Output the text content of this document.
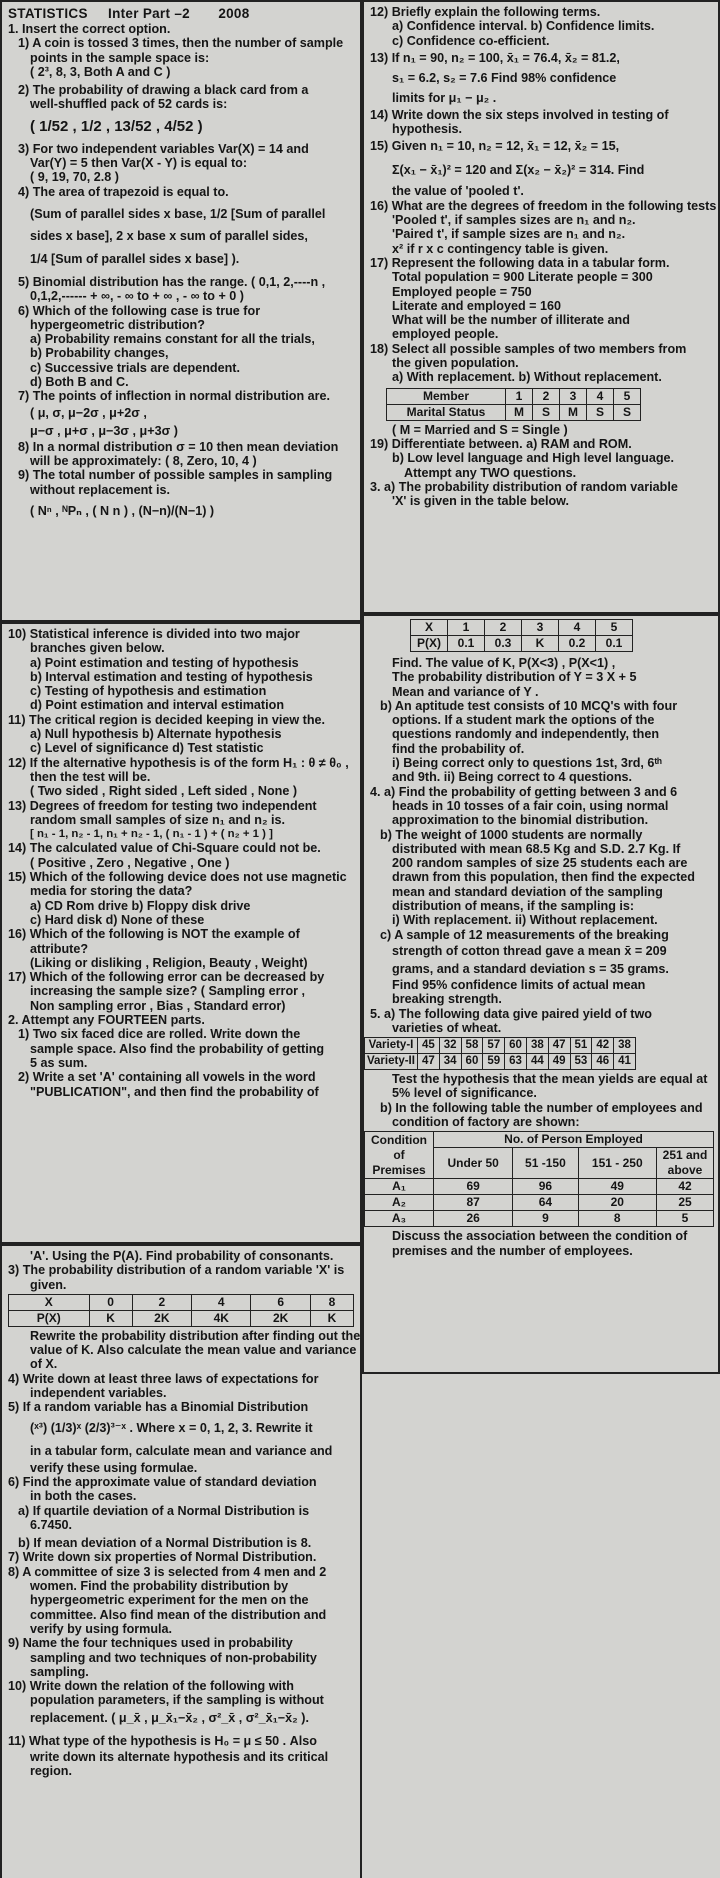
STATISTICS Inter Part –2 2008
1. Insert the correct option.
1) A coin is tossed 3 times, then the number of sample
points in the sample space is:
( 2³, 8, 3, Both A and C )
2) The probability of drawing a black card from a
well-shuffled pack of 52 cards is:
( 1/52 , 1/2 , 13/52 , 4/52 )
3) For two independent variables Var(X) = 14 and
Var(Y) = 5 then Var(X - Y) is equal to:
( 9, 19, 70, 2.8 )
4) The area of trapezoid is equal to.
(Sum of parallel sides x base, 1/2 [Sum of parallel
sides x base], 2 x base x sum of parallel sides,
1/4 [Sum of parallel sides x base] ).
5) Binomial distribution has the range. ( 0,1, 2,----n ,
0,1,2,------ + ∞, - ∞ to + ∞ , - ∞ to + 0 )
6) Which of the following case is true for
hypergeometric distribution?
a) Probability remains constant for all the trials,
b) Probability changes,
c) Successive trials are dependent.
d) Both B and C.
7) The points of inflection in normal distribution are.
( μ, σ, μ−2σ , μ+2σ ,
μ−σ , μ+σ , μ−3σ , μ+3σ )
8) In a normal distribution σ = 10 then mean deviation
will be approximately: ( 8, Zero, 10, 4 )
9) The total number of possible samples in sampling
without replacement is.
( Nⁿ , ᴺPₙ , ( N n ) , (N−n)/(N−1) )
10) Statistical inference is divided into two major
branches given below.
a) Point estimation and testing of hypothesis
b) Interval estimation and testing of hypothesis
c) Testing of hypothesis and estimation
d) Point estimation and interval estimation
11) The critical region is decided keeping in view the.
a) Null hypothesis b) Alternate hypothesis
c) Level of significance d) Test statistic
12) If the alternative hypothesis is of the form H₁ : θ ≠ θ₀ ,
then the test will be.
( Two sided , Right sided , Left sided , None )
13) Degrees of freedom for testing two independent
random small samples of size n₁ and n₂ is.
[ n₁ - 1, n₂ - 1, n₁ + n₂ - 1, ( n₁ - 1 ) + ( n₂ + 1 ) ]
14) The calculated value of Chi-Square could not be.
( Positive , Zero , Negative , One )
15) Which of the following device does not use magnetic
media for storing the data?
a) CD Rom drive b) Floppy disk drive
c) Hard disk d) None of these
16) Which of the following is NOT the example of
attribute?
(Liking or disliking , Religion, Beauty , Weight)
17) Which of the following error can be decreased by
increasing the sample size? ( Sampling error ,
Non sampling error , Bias , Standard error)
2. Attempt any FOURTEEN parts.
1) Two six faced dice are rolled. Write down the
sample space. Also find the probability of getting
5 as sum.
2) Write a set 'A' containing all vowels in the word
"PUBLICATION", and then find the probability of
'A'. Using the P(A). Find probability of consonants.
3) The probability distribution of a random variable 'X' is
given.
X	0	2	4	6	8
P(X)	K	2K	4K	2K	K
Rewrite the probability distribution after finding out the
value of K. Also calculate the mean value and variance
of X.
4) Write down at least three laws of expectations for
independent variables.
5) If a random variable has a Binomial Distribution
(ˣ³) (1/3)ˣ (2/3)³⁻ˣ . Where x = 0, 1, 2, 3. Rewrite it
in a tabular form, calculate mean and variance and
verify these using formulae.
6) Find the approximate value of standard deviation
in both the cases.
a) If quartile deviation of a Normal Distribution is
6.7450.
b) If mean deviation of a Normal Distribution is 8.
7) Write down six properties of Normal Distribution.
8) A committee of size 3 is selected from 4 men and 2
women. Find the probability distribution by
hypergeometric experiment for the men on the
committee. Also find mean of the distribution and
verify by using formula.
9) Name the four techniques used in probability
sampling and two techniques of non-probability
sampling.
10) Write down the relation of the following with
population parameters, if the sampling is without
replacement. ( μ_x̄ , μ_x̄₁−x̄₂ , σ²_x̄ , σ²_x̄₁−x̄₂ ).
11) What type of the hypothesis is H₀ = μ ≤ 50 . Also
write down its alternate hypothesis and its critical
region.
12) Briefly explain the following terms.
a) Confidence interval. b) Confidence limits.
c) Confidence co-efficient.
13) If n₁ = 90, n₂ = 100, x̄₁ = 76.4, x̄₂ = 81.2,
s₁ = 6.2, s₂ = 7.6 Find 98% confidence
limits for μ₁ − μ₂ .
14) Write down the six steps involved in testing of
hypothesis.
15) Given n₁ = 10, n₂ = 12, x̄₁ = 12, x̄₂ = 15,
Σ(x₁ − x̄₁)² = 120 and Σ(x₂ − x̄₂)² = 314. Find
the value of 'pooled t'.
16) What are the degrees of freedom in the following tests
'Pooled t', if samples sizes are n₁ and n₂.
'Paired t', if sample sizes are n₁ and n₂.
x² if r x c contingency table is given.
17) Represent the following data in a tabular form.
Total population = 900 Literate people = 300
Employed people = 750
Literate and employed = 160
What will be the number of illiterate and
employed people.
18) Select all possible samples of two members from
the given population.
a) With replacement. b) Without replacement.
Member	1	2	3	4	5
Marital Status	M	S	M	S	S
( M = Married and S = Single )
19) Differentiate between. a) RAM and ROM.
b) Low level language and High level language.
Attempt any TWO questions.
3. a) The probability distribution of random variable
'X' is given in the table below.
X	1	2	3	4	5
P(X)	0.1	0.3	K	0.2	0.1
Find. The value of K, P(X<3) , P(X<1) ,
The probability distribution of Y = 3 X + 5
Mean and variance of Y .
b) An aptitude test consists of 10 MCQ's with four
options. If a student mark the options of the
questions randomly and independently, then
find the probability of.
i) Being correct only to questions 1st, 3rd, 6ᵗʰ
and 9th. ii) Being correct to 4 questions.
4. a) Find the probability of getting between 3 and 6
heads in 10 tosses of a fair coin, using normal
approximation to the binomial distribution.
b) The weight of 1000 students are normally
distributed with mean 68.5 Kg and S.D. 2.7 Kg. If
200 random samples of size 25 students each are
drawn from this population, then find the expected
mean and standard deviation of the sampling
distribution of means, if the sampling is:
i) With replacement. ii) Without replacement.
c) A sample of 12 measurements of the breaking
strength of cotton thread gave a mean x̄ = 209
grams, and a standard deviation s = 35 grams.
Find 95% confidence limits of actual mean
breaking strength.
5. a) The following data give paired yield of two
varieties of wheat.
Variety-I	45	32	58	57	60	38	47	51	42	38
Variety-II	47	34	60	59	63	44	49	53	46	41
Test the hypothesis that the mean yields are equal at
5% level of significance.
b) In the following table the number of employees and
condition of factory are shown:
Condition of Premises	No. of Person Employed			
	Under 50	51 -150	151 - 250	251 and above
A₁	69	96	49	42
A₂	87	64	20	25
A₃	26	9	8	5
Discuss the association between the condition of
premises and the number of employees.
